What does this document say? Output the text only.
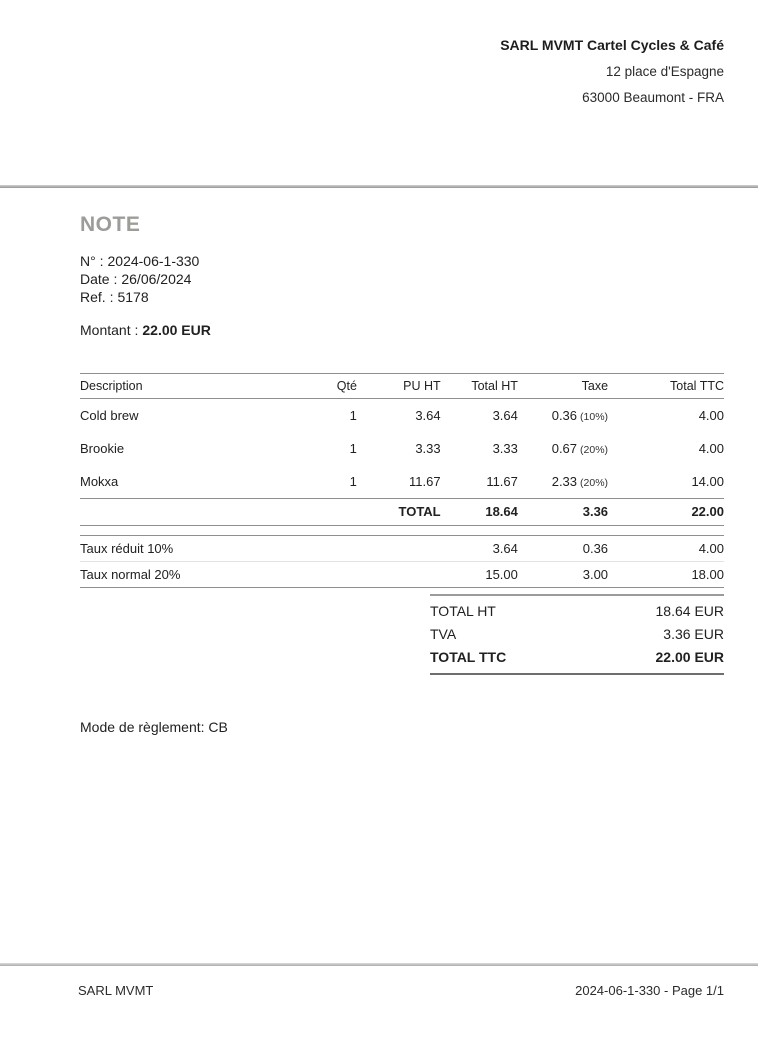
SARL MVMT Cartel Cycles & Café
12 place d'Espagne
63000 Beaumont - FRA
NOTE
N° : 2024-06-1-330
Date : 26/06/2024
Ref. : 5178
Montant : 22.00 EUR
Description	Qté	PU HT	Total HT	Taxe	Total TTC
Cold brew	1	3.64	3.64	0.36 (10%)	4.00
Brookie	1	3.33	3.33	0.67 (20%)	4.00
Mokxa	1	11.67	11.67	2.33 (20%)	14.00
		TOTAL	18.64	3.36	22.00
Taux réduit 10%	3.64	0.36	4.00
Taux normal 20%	15.00	3.00	18.00
TOTAL HT	18.64 EUR
TVA	3.36 EUR
TOTAL TTC	22.00 EUR
Mode de règlement: CB
SARL MVMT	2024-06-1-330 - Page 1/1
